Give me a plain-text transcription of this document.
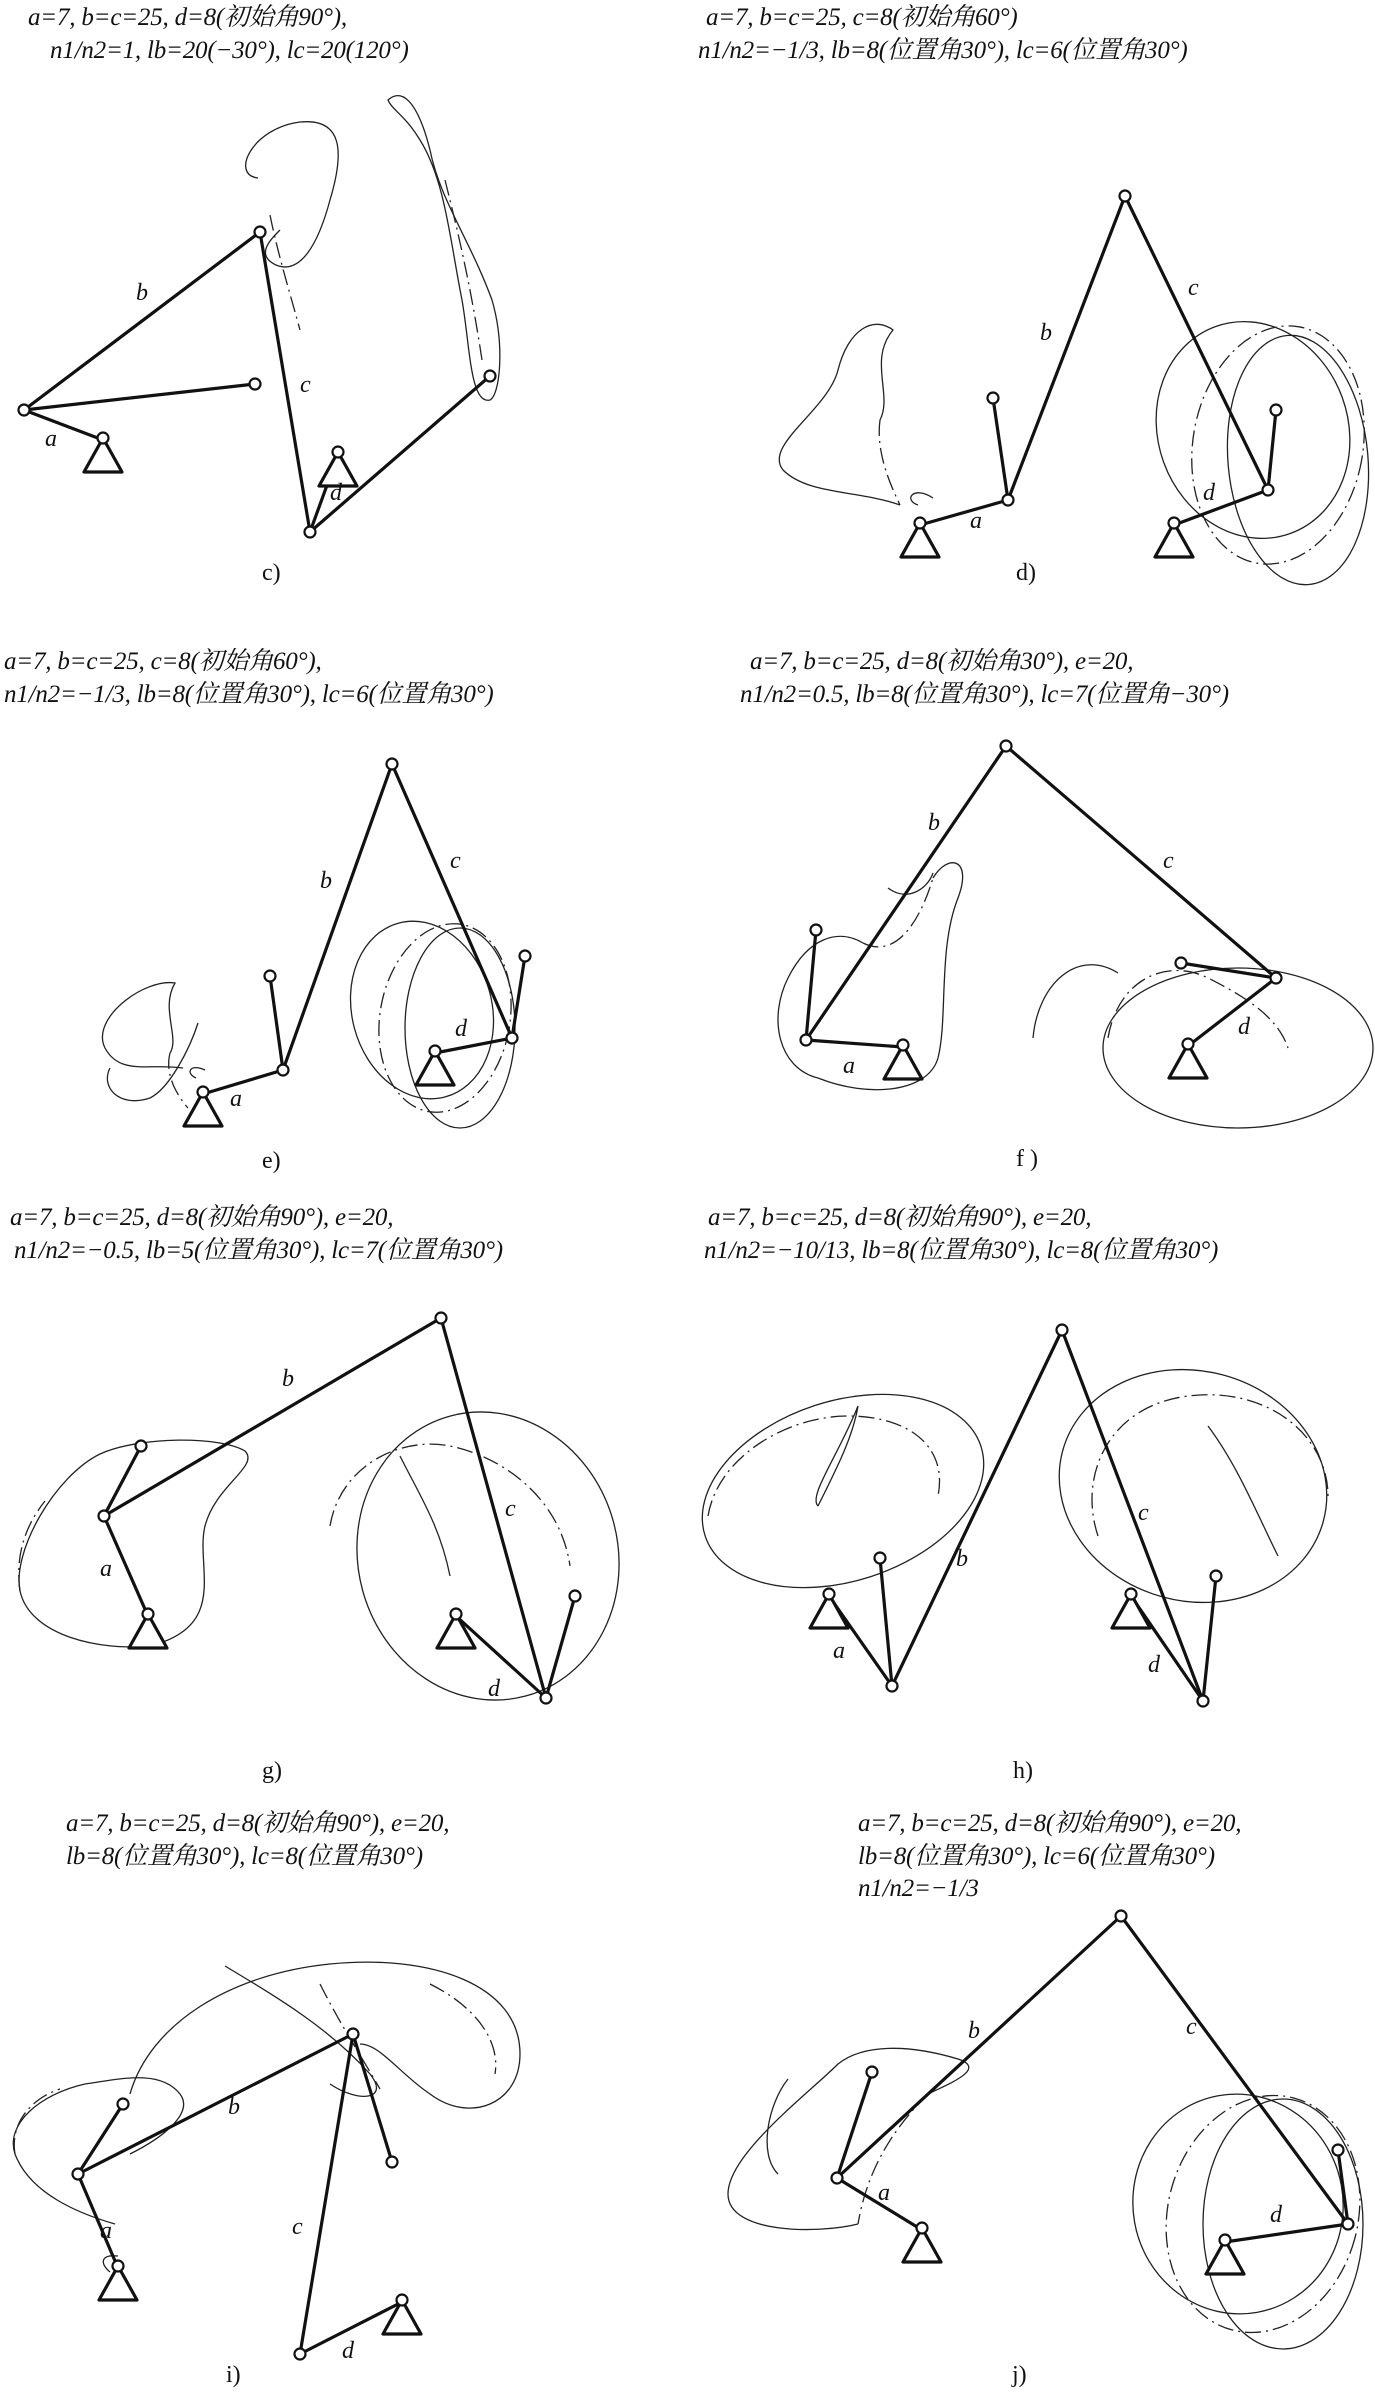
a=7, b=c=25, d=8(初始角90°),
n1/n2=1, lb=20(−30°), lc=20(120°)
a
b
c
d
c)
a=7, b=c=25, c=8(初始角60°)
n1/n2=−1/3, lb=8(位置角30°), lc=6(位置角30°)
a
b
c
d
d)
a=7, b=c=25, c=8(初始角60°),
n1/n2=−1/3, lb=8(位置角30°), lc=6(位置角30°)
a
b
c
d
e)
a=7, b=c=25, d=8(初始角30°), e=20,
n1/n2=0.5, lb=8(位置角30°), lc=7(位置角−30°)
a
b
c
d
f )
a=7, b=c=25, d=8(初始角90°), e=20,
n1/n2=−0.5, lb=5(位置角30°), lc=7(位置角30°)
a
b
c
d
g)
a=7, b=c=25, d=8(初始角90°), e=20,
n1/n2=−10/13, lb=8(位置角30°), lc=8(位置角30°)
a
b
c
d
h)
a=7, b=c=25, d=8(初始角90°), e=20,
lb=8(位置角30°), lc=8(位置角30°)
a
b
c
d
i)
a=7, b=c=25, d=8(初始角90°), e=20,
lb=8(位置角30°), lc=6(位置角30°)
n1/n2=−1/3
a
b	c
d
j)
